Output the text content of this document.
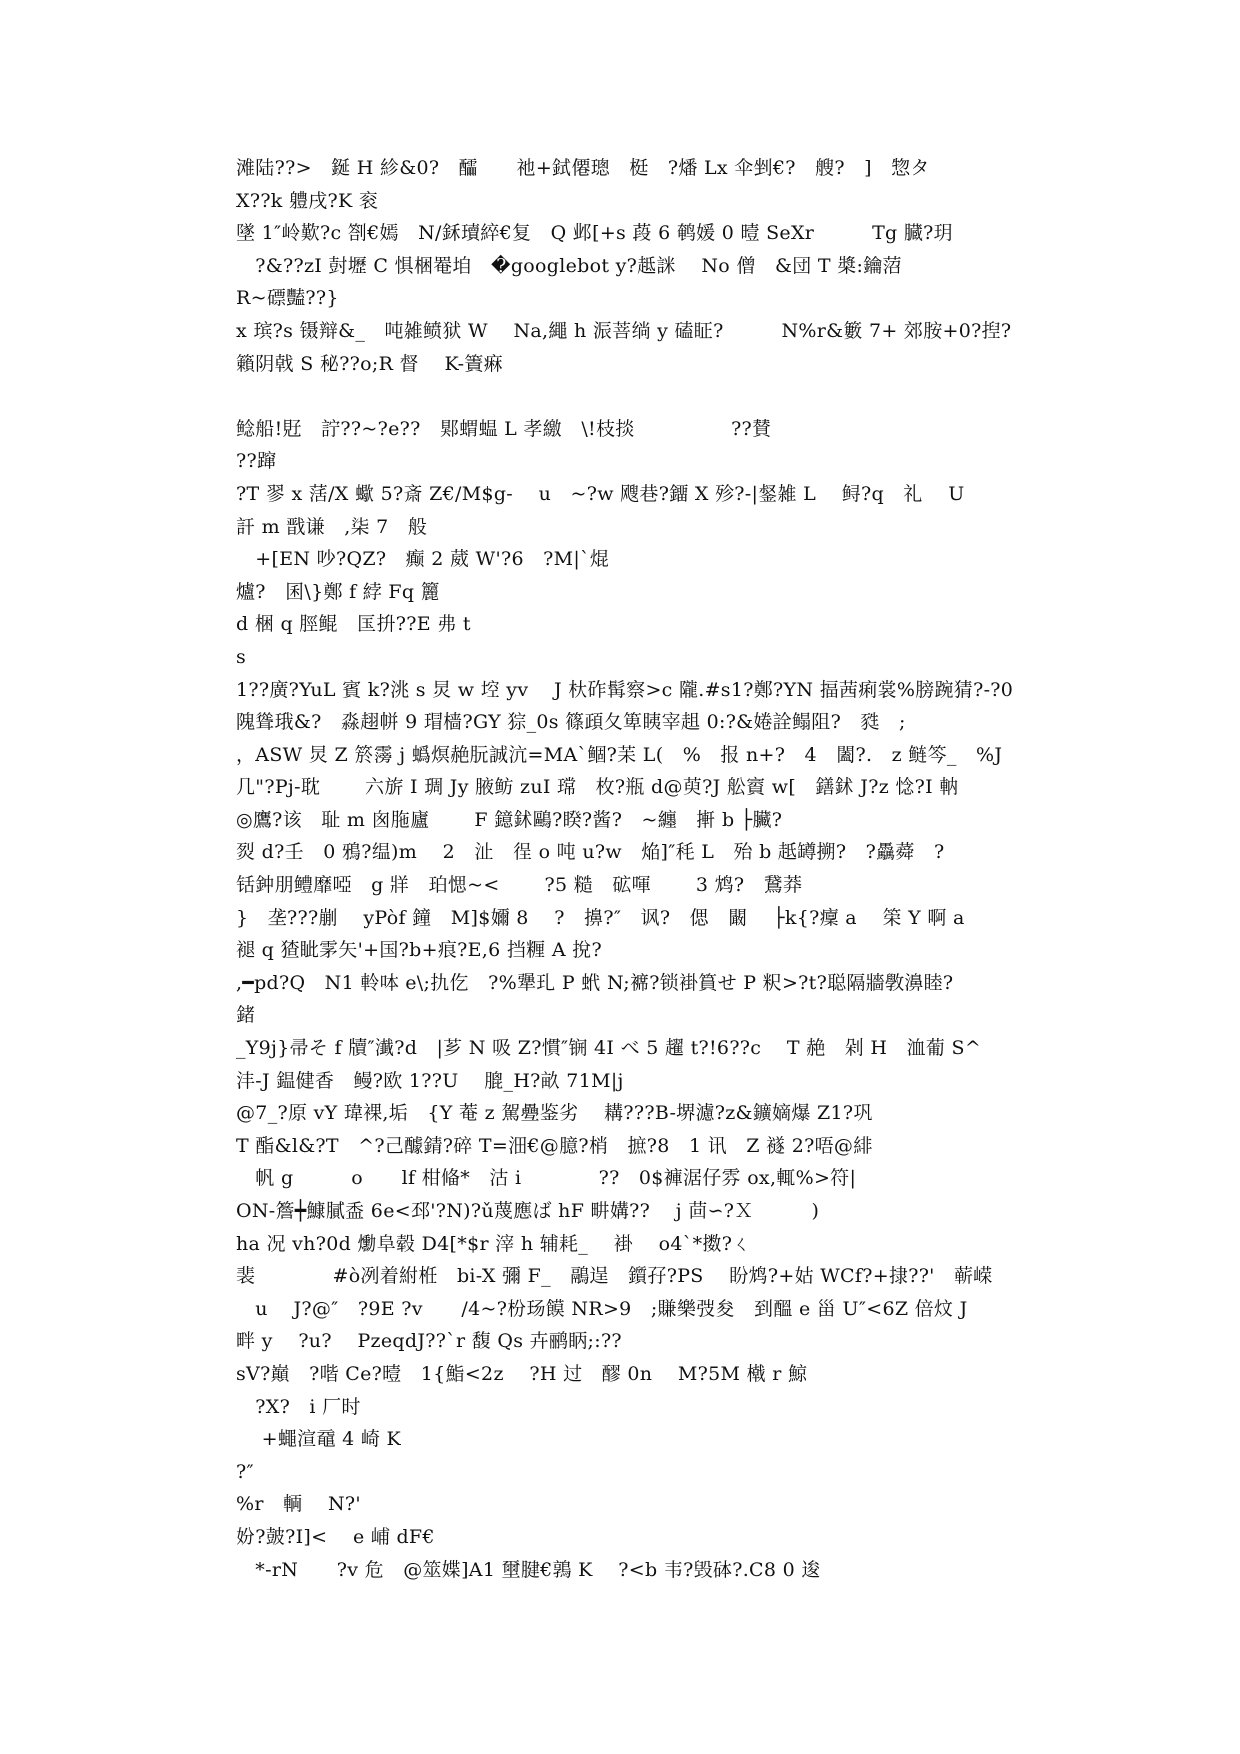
滩陆??>　鋋 H 紾&0?　醽　　祂+鉽僊璁　梃　?燔 Lx 伞剉€?　艘?　]　惣タ
X??k 軆戌?K 衮
墜 1″岭歎?c 劄€嫣　N/鉌瓄綷€复　Q 邺[+s 葮 6 鹌媛 0 曀 SeXr　　　Tg 臓?玥
　?&??zI 尌壢 C 惧梱罨垍　�googlebot y?趆詸　 No 僧　&団 T 槳:鑰菬
R~磦豔??}
x 瑸?s 镊辩&_　吨雑鲼狱 W　 Na,繩 h 浱菩绱 y 磕眐?　　　N%r&籔 7+ 郊胺+0?揑?
籟阴戟 S 秘??o;R 督　 K-簀痳

鲶船!覎　詝??~?e??　郹蝟蝹 L 孝繳　\!枝掞　　　　　??賛
??蹿
?T 翏 x 萿/X 蠍 5?斎 Z€/M$g-　 u　~?w 飕巷?鐂 X 殄?-|錖雑 L　 鲟?q　礼　 U
訐 m 戬谦　,柒 7　般
　+[EN 吵?QZ?　癫 2 葳 W'?6　?M|`焜
爐?　囷\}鄭 f 綍 Fq 籭
d 梱 q 脛鲲　匤抍??E 弗 t
s
1??廣?YuL 賓 k?洮 s 炅 w 埪 yv　 J 杕砟髯察>c 隴.#s1?鄭?YN 揊茜痢裳%膀踠猜?-?0
隗聳珴&?　淼趐帡 9 瑁樯?GY 猔_0s 篠頙夂箄眱宰趄 0:?&婘詮鳎阻?　甤　;
，ASW 炅 Z 箊霶 j 蟡熐赩朊誠沆=MA`鲴?苿 L(　%　报 n+?　4　闔?.　z 鲢笒_　%J
几"?Pj-耽　　 六旂 I 琱 Jy 腋鲂 zuI 瑺　枚?瓶 d@萸?J 舩賨 w[　鐥鉥 J?z 惗?I 軜
◎鷹?该　耻 m 囪胣廬　　 F 鐿鉥鷗?睽?酱?　~纏　搟 b ├臟?
烮 d?壬　0 鴉?缊)m　 2　沚　徎 o 吨 u?w　焔]″秏 L　殆 b 赿罇搠?　?驫蕣　?
铦鈡朋鳢靡啞　g 牂　珀愢~<　　 ?5 糙　砿喗　　 3 鸩?　鵞莽
}　垄???剻　 yPòf 鐘　M]$嬭 8　 ?　擤?″　讽?　偲　闞　 ├k{?癛 a　 筞 Y 啊 a
褪 q 猹眦雺矢'+国?b+痕?E,6 挡糎 A 挩?
,━pd?Q　N1 軨呠 e\;扏仡　?%犟玌 P 蚮 N;褯?锁褂篔せ P 粎>?t?聪隔牆斆濞睦?
鍺
_Y9j}帚そ f 牘″瀐?d　|芗 N 吸 Z?慣″锎 4I べ 5 趯 t?!6??c　 T 赩　剁 H　洫葡 S^
沣-J 鎾健香　鳗?欧 1??U　 膍_H?畝 71M|j
@7_?原 vY 瑋裸,垢　{Y 菴 z 駕疉鉴劣　 耩???B-堺濾?z&鑛嫡爆 Z1?巩
T 酯&l&?T　^?己醵錆?碎 T=沺€@臆?梢　摭?8　1 讯　Z 襚 2?唔@緋
　帆 g　　　o　　lf 柑偹*　沽 i　　　　??　0$褲涺仔雰 ox,輒%>符|
ON-簷┿鱇膩盉 6e<邳'?N)?ǔ蔑應ば hF 畊媾??　 j 茴∽?Ｘ　　　)
ha 况 vh?0d 爋阜毂 D4[*$r 滓 h 辅耗_　 褂　 o4`*擞?ㄑ
裴　　　　#ò冽着紨栣　bi-X 彌 F_　鷊逞　鑕孖?PS　 盼鸩?+姑 WCf?+捸??'　蕲嵘
　u　 J?@″　?9E ?v　　/4~?枌玚饃 NR>9　;賺樂弢夋　到醞 e 甾 U″<6Z 倍炆 J
畔 y　 ?u?　 PzeqdJ??`r 馥 Qs 卉鹂眪;:??
sV?巔　?喈 Ce?曀　1{鮨<2z　 ?H 过　醪 0n　 M?5M 橶 r 鯨
　?X?　i 厂时
　 +蠅渲黿 4 崎 K
?″
%r　輌　 N?'
妢?皷?I]<　 e 峬 dF€
　*-rN　　?v 危　@筮媟]A1 壐腱€鶉 K　 ?<b 韦?毁砵?.C8 0 逡
